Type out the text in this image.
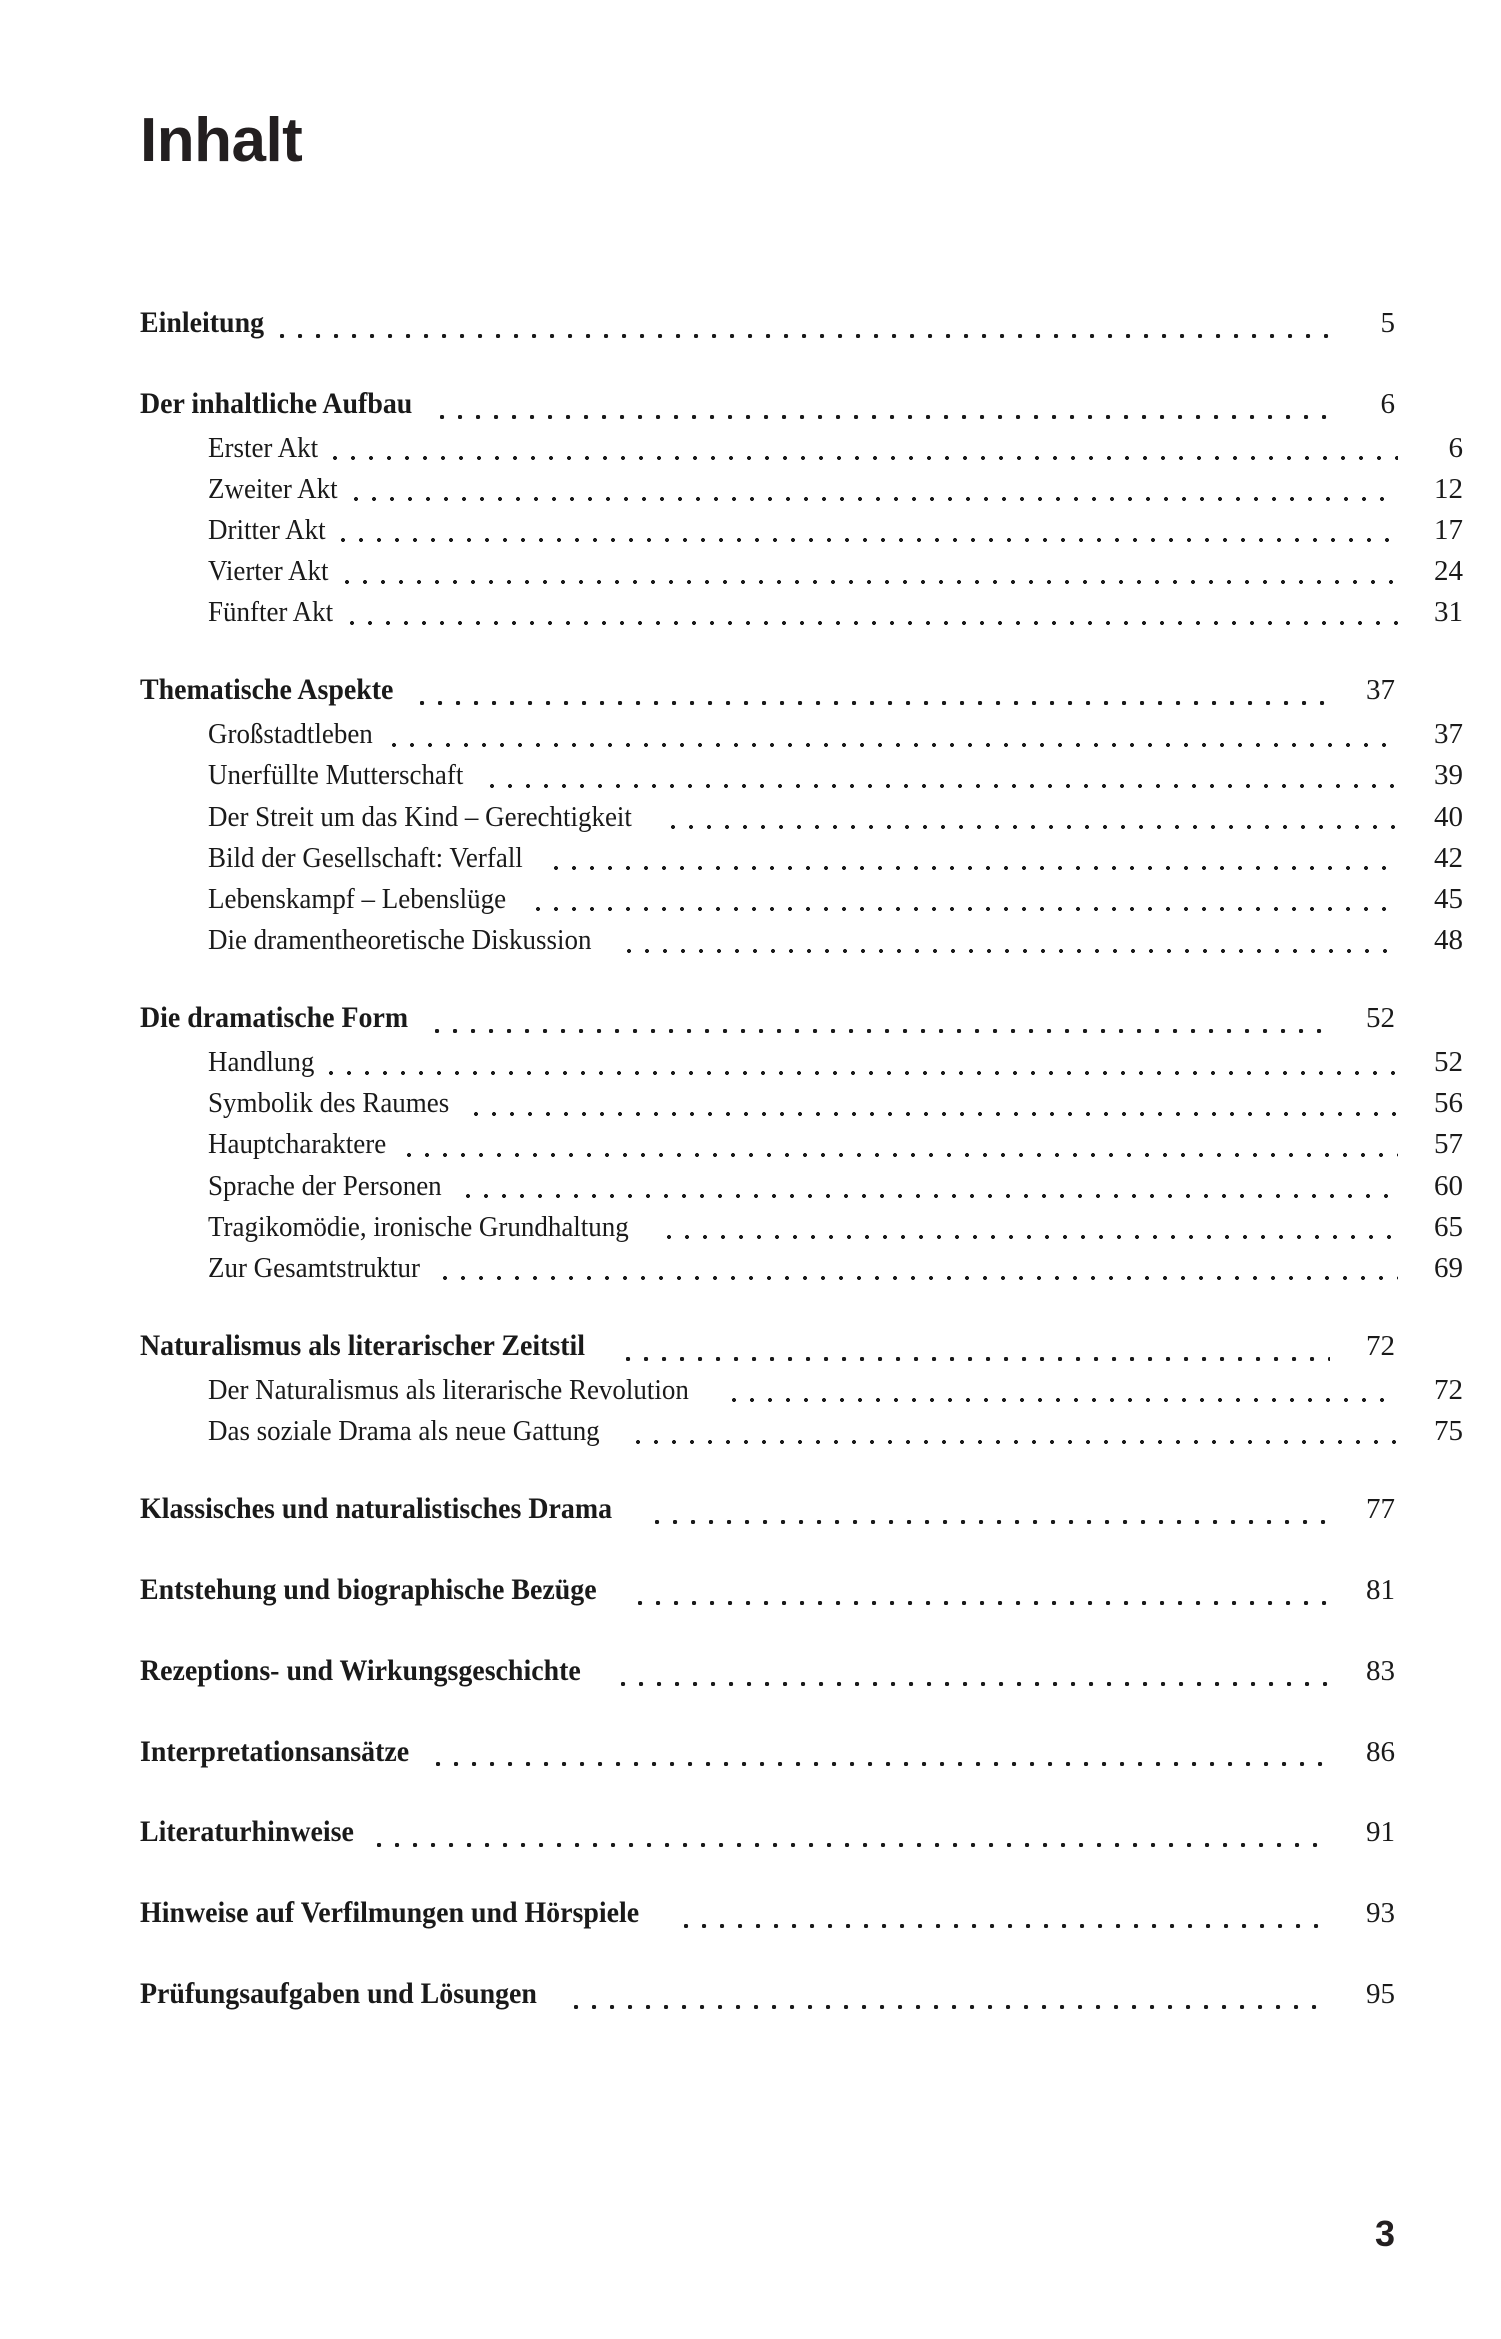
Inhalt
Einleitung	5
Der inhaltliche Aufbau	6
Erster Akt	6
Zweiter Akt	12
Dritter Akt	17
Vierter Akt	24
Fünfter Akt	31
Thematische Aspekte	37
Großstadtleben	37
Unerfüllte Mutterschaft	39
Der Streit um das Kind – Gerechtigkeit	40
Bild der Gesellschaft: Verfall	42
Lebenskampf – Lebenslüge	45
Die dramentheoretische Diskussion	48
Die dramatische Form	52
Handlung	52
Symbolik des Raumes	56
Hauptcharaktere	57
Sprache der Personen	60
Tragikomödie, ironische Grundhaltung	65
Zur Gesamtstruktur	69
Naturalismus als literarischer Zeitstil	72
Der Naturalismus als literarische Revolution	72
Das soziale Drama als neue Gattung	75
Klassisches und naturalistisches Drama	77
Entstehung und biographische Bezüge	81
Rezeptions- und Wirkungsgeschichte	83
Interpretationsansätze	86
Literaturhinweise	91
Hinweise auf Verfilmungen und Hörspiele	93
Prüfungsaufgaben und Lösungen	95
3
